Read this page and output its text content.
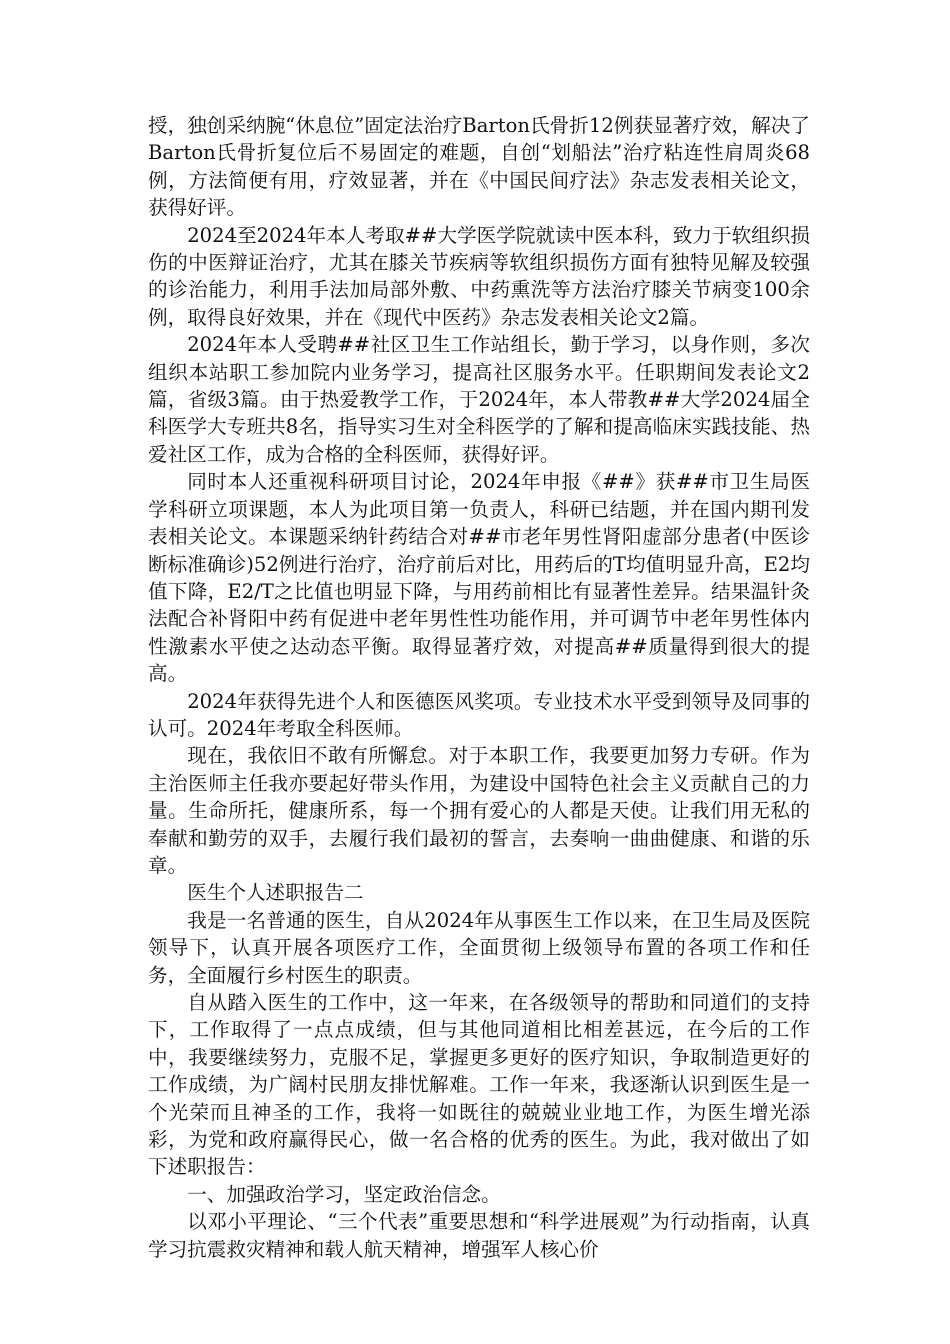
授，独创采纳腕“休息位”固定法治疗Barton氏骨折12例获显著疗效，解决了Barton氏骨折复位后不易固定的难题，自创“划船法”治疗粘连性肩周炎68例，方法简便有用，疗效显著，并在《中国民间疗法》杂志发表相关论文，获得好评。

2024至2024年本人考取##大学医学院就读中医本科，致力于软组织损伤的中医辩证治疗，尤其在膝关节疾病等软组织损伤方面有独特见解及较强的诊治能力，利用手法加局部外敷、中药熏洗等方法治疗膝关节病变100余例，取得良好效果，并在《现代中医药》杂志发表相关论文2篇。

2024年本人受聘##社区卫生工作站组长，勤于学习，以身作则，多次组织本站职工参加院内业务学习，提高社区服务水平。任职期间发表论文2篇，省级3篇。由于热爱教学工作，于2024年，本人带教##大学2024届全科医学大专班共8名，指导实习生对全科医学的了解和提高临床实践技能、热爱社区工作，成为合格的全科医师，获得好评。

同时本人还重视科研项目讨论，2024年申报《##》获##市卫生局医学科研立项课题，本人为此项目第一负责人，科研已结题，并在国内期刊发表相关论文。本课题采纳针药结合对##市老年男性肾阳虚部分患者(中医诊断标准确诊)52例进行治疗，治疗前后对比，用药后的T均值明显升高，E2均值下降，E2/T之比值也明显下降，与用药前相比有显著性差异。结果温针灸法配合补肾阳中药有促进中老年男性性功能作用，并可调节中老年男性体内性激素水平使之达动态平衡。取得显著疗效，对提高##质量得到很大的提高。

2024年获得先进个人和医德医风奖项。专业技术水平受到领导及同事的认可。2024年考取全科医师。

现在，我依旧不敢有所懈怠。对于本职工作，我要更加努力专研。作为主治医师主任我亦要起好带头作用，为建设中国特色社会主义贡献自己的力量。生命所托，健康所系，每一个拥有爱心的人都是天使。让我们用无私的奉献和勤劳的双手，去履行我们最初的誓言，去奏响一曲曲健康、和谐的乐章。

医生个人述职报告二

我是一名普通的医生，自从2024年从事医生工作以来，在卫生局及医院领导下，认真开展各项医疗工作，全面贯彻上级领导布置的各项工作和任务，全面履行乡村医生的职责。

自从踏入医生的工作中，这一年来，在各级领导的帮助和同道们的支持下，工作取得了一点点成绩，但与其他同道相比相差甚远，在今后的工作中，我要继续努力，克服不足，掌握更多更好的医疗知识，争取制造更好的工作成绩，为广阔村民朋友排忧解难。工作一年来，我逐渐认识到医生是一个光荣而且神圣的工作，我将一如既往的兢兢业业地工作，为医生增光添彩，为党和政府赢得民心，做一名合格的优秀的医生。为此，我对做出了如下述职报告：

一、加强政治学习，坚定政治信念。

以邓小平理论、“三个代表”重要思想和“科学进展观”为行动指南，认真学习抗震救灾精神和载人航天精神，增强军人核心价
